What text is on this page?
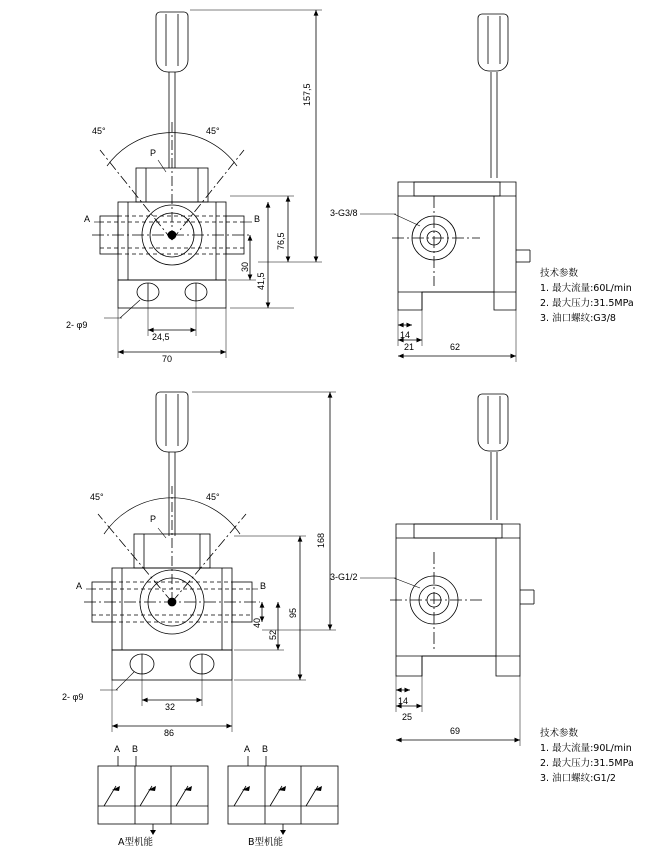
157,5
76,5
41,5
30
24,5
70
45°	45°
P
A	B
2- φ9
3-G3/8
14
21	62
技术参数
1. 最大流量:60L/min
2. 最大压力:31.5MPa
3. 油口螺纹:G3/8
168
95
52
40
32
86
45°	45°
P
A	B
2- φ9
3-G1/2
14
25
69	技术参数
1. 最大流量:90L/min
2. 最大压力:31.5MPa
3. 油口螺纹:G1/2
A B
A型机能
A B
B型机能
